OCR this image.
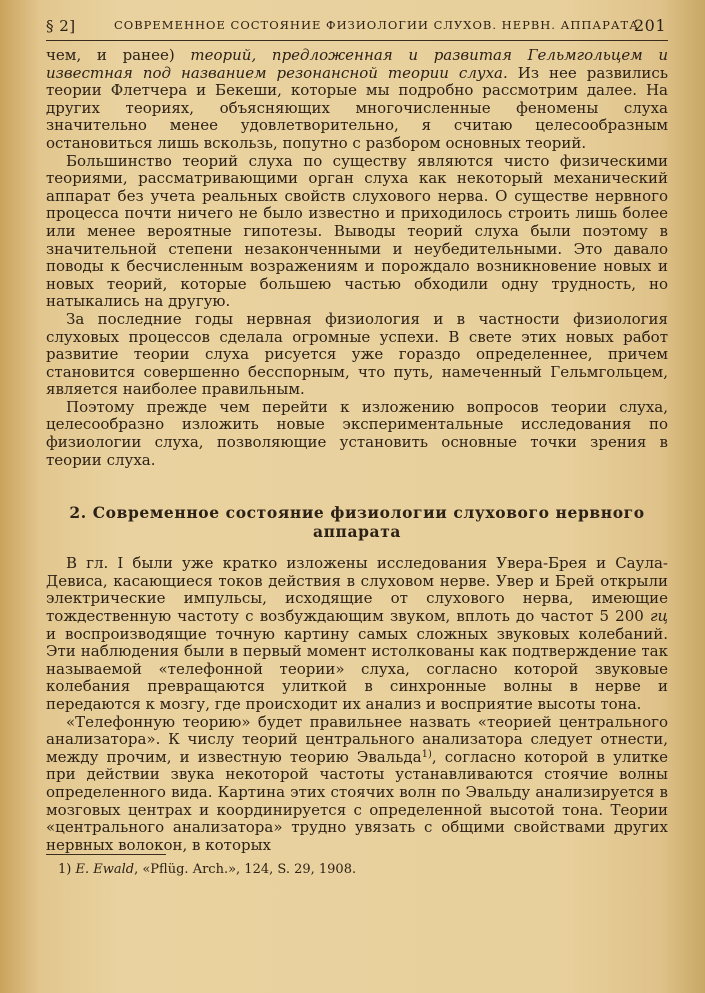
§ 2]	СОВРЕМЕННОЕ СОСТОЯНИЕ ФИЗИОЛОГИИ СЛУХОВ. НЕРВН. АППАРАТА
201

чем, и ранее) теорий, предложенная и развитая Гельмгольцем и известная под названием резонансной теории слуха. Из нее развились теории Флетчера и Бекеши, которые мы подробно рассмотрим далее. На других теориях, объясняющих многочисленные феномены слуха значительно менее удовлетворительно, я считаю целесообразным остановиться лишь вскользь, попутно с разбором основных теорий.

Большинство теорий слуха по существу являются чисто физическими теориями, рассматривающими орган слуха как некоторый механический аппарат без учета реальных свойств слухового нерва. О существе нервного процесса почти ничего не было известно и приходилось строить лишь более или менее вероятные гипотезы. Выводы теорий слуха были поэтому в значительной степени незаконченными и неубедительными. Это давало поводы к бесчисленным возражениям и порождало возникновение новых и новых теорий, которые большею частью обходили одну трудность, но натыкались на другую.

За последние годы нервная физиология и в частности физиология слуховых процессов сделала огромные успехи. В свете этих новых работ развитие теории слуха рисуется уже гораздо определеннее, причем становится совершенно бесспорным, что путь, намеченный Гельмгольцем, является наиболее правильным.

Поэтому прежде чем перейти к изложению вопросов теории слуха, целесообразно изложить новые экспериментальные исследования по физиологии слуха, позволяющие установить основные точки зрения в теории слуха.

2. Современное состояние физиологии слухового нервного аппарата

В гл. I были уже кратко изложены исследования Увера-Брея и Саула-Девиса, касающиеся токов действия в слуховом нерве. Увер и Брей открыли электрические импульсы, исходящие от слухового нерва, имеющие тождественную частоту с возбуждающим звуком, вплоть до частот 5 200 гц и воспроизводящие точную картину самых сложных звуковых колебаний. Эти наблюдения были в первый момент истолкованы как подтверждение так называемой «телефонной теории» слуха, согласно которой звуковые колебания превращаются улиткой в синхронные волны в нерве и передаются к мозгу, где происходит их анализ и восприятие высоты тона.

«Телефонную теорию» будет правильнее назвать «теорией центрального анализатора». К числу теорий центрального анализатора следует отнести, между прочим, и известную теорию Эвальда$^{1)}$, согласно которой в улитке при действии звука некоторой частоты устанавливаются стоячие волны определенного вида. Картина этих стоячих волн по Эвальду анализируется в мозговых центрах и координируется с определенной высотой тона. Теории «центрального анализатора» трудно увязать с общими свойствами других нервных волокон, в которых

1) E. Ewald, «Pflüg. Arch.», 124, S. 29, 1908.
